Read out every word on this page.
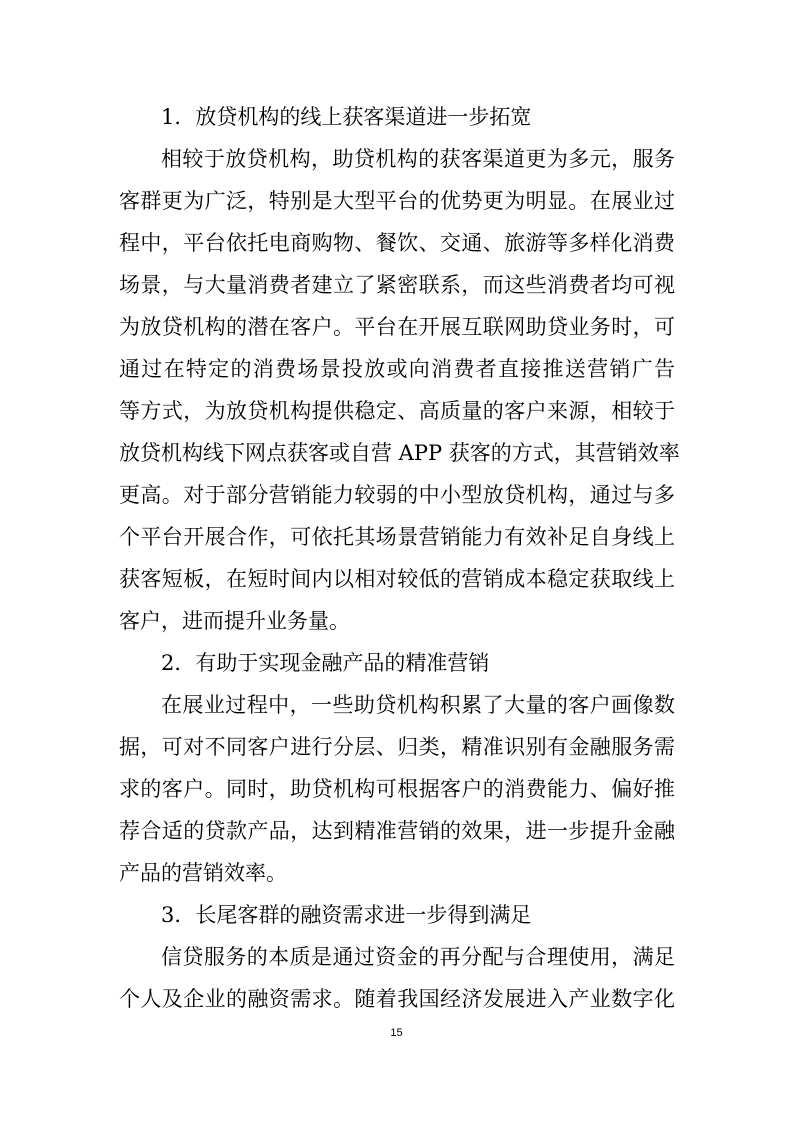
1．放贷机构的线上获客渠道进一步拓宽
相较于放贷机构，助贷机构的获客渠道更为多元，服务
客群更为广泛，特别是大型平台的优势更为明显。在展业过
程中，平台依托电商购物、餐饮、交通、旅游等多样化消费
场景，与大量消费者建立了紧密联系，而这些消费者均可视
为放贷机构的潜在客户。平台在开展互联网助贷业务时，可
通过在特定的消费场景投放或向消费者直接推送营销广告
等方式，为放贷机构提供稳定、高质量的客户来源，相较于
放贷机构线下网点获客或自营 APP 获客的方式，其营销效率
更高。对于部分营销能力较弱的中小型放贷机构，通过与多
个平台开展合作，可依托其场景营销能力有效补足自身线上
获客短板，在短时间内以相对较低的营销成本稳定获取线上
客户，进而提升业务量。
2．有助于实现金融产品的精准营销
在展业过程中，一些助贷机构积累了大量的客户画像数
据，可对不同客户进行分层、归类，精准识别有金融服务需
求的客户。同时，助贷机构可根据客户的消费能力、偏好推
荐合适的贷款产品，达到精准营销的效果，进一步提升金融
产品的营销效率。
3．长尾客群的融资需求进一步得到满足
信贷服务的本质是通过资金的再分配与合理使用，满足
个人及企业的融资需求。随着我国经济发展进入产业数字化
15
